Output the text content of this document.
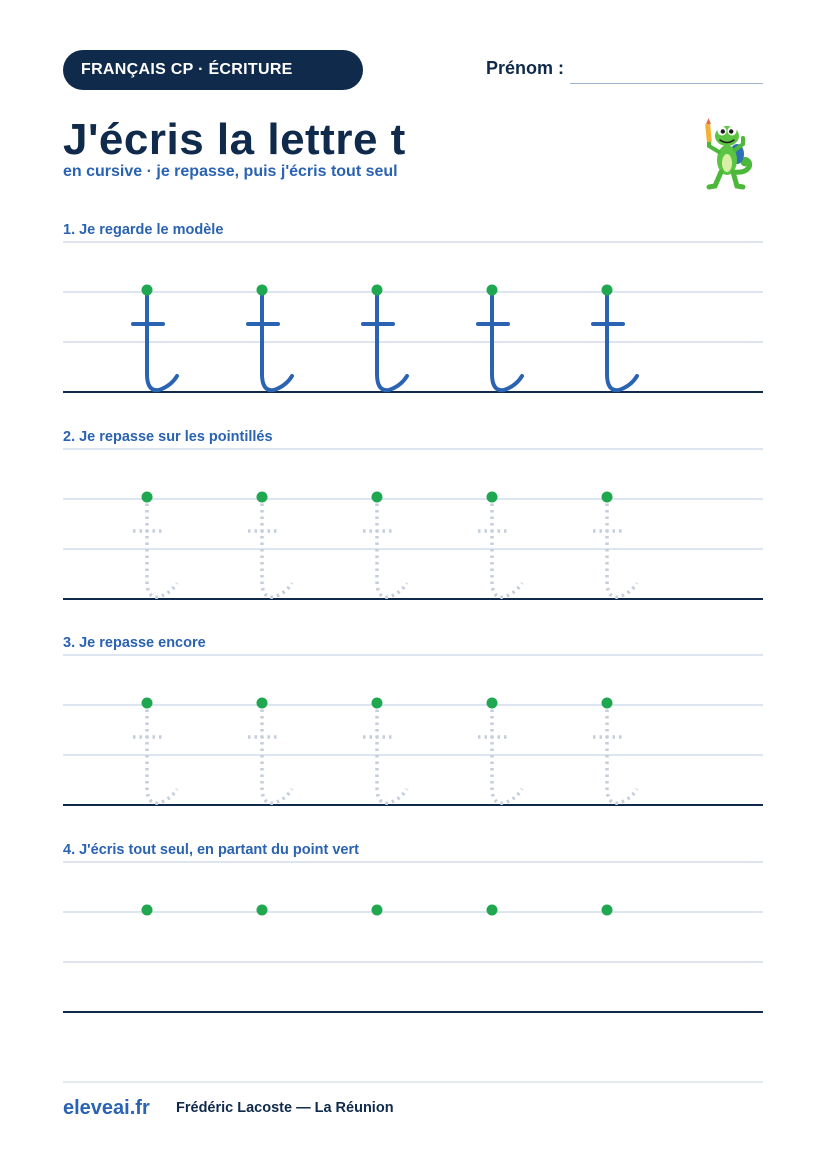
FRANÇAIS CP · ÉCRITURE	Prénom :
J'écris la lettre t
en cursive · je repasse, puis j'écris tout seul
1. Je regarde le modèle
2. Je repasse sur les pointillés
3. Je repasse encore
4. J'écris tout seul, en partant du point vert
eleveai.fr Frédéric Lacoste — La Réunion
